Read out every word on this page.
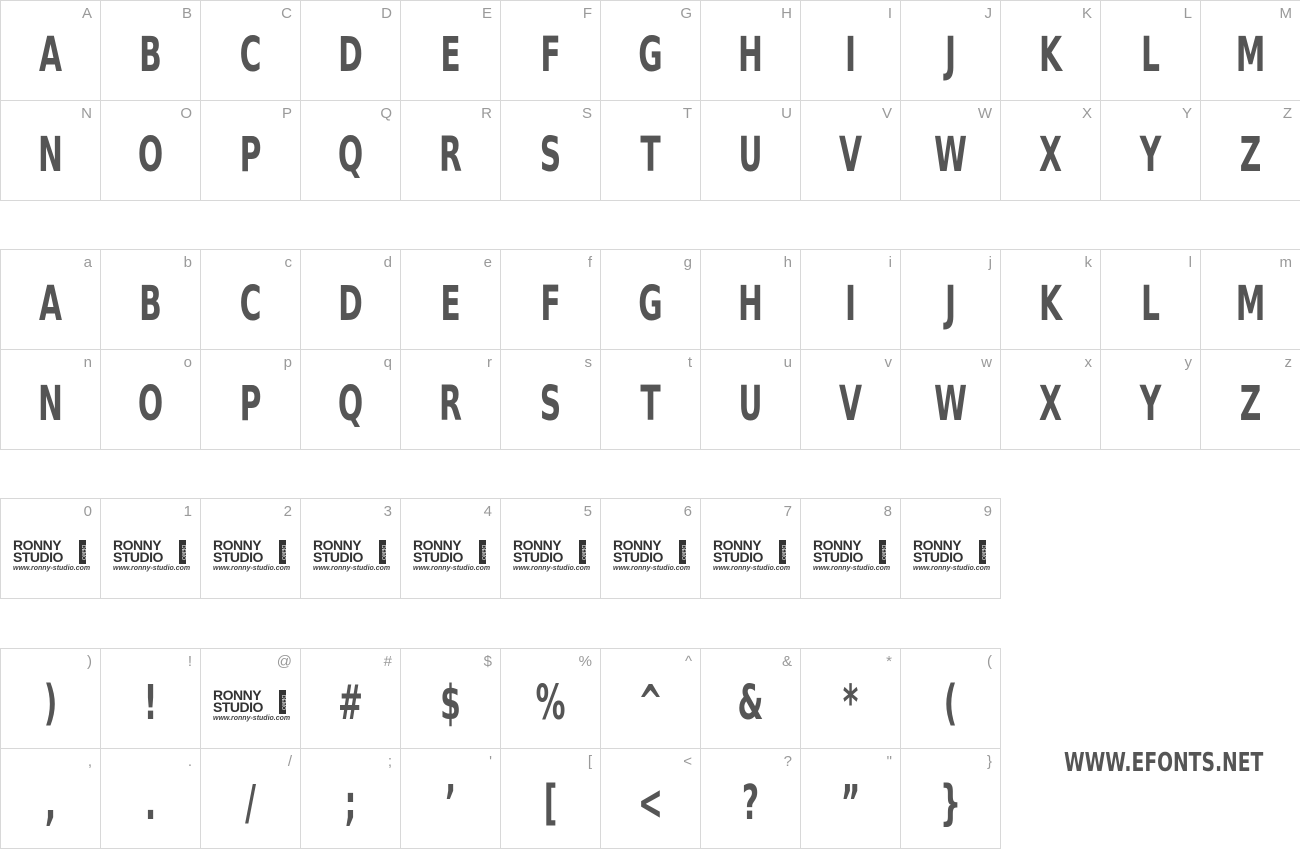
A
A
B
B
C
C
D
D
E
E
F
F
G
G
H
H
I
I
J
J
K
K
L
L
M
M
N
N
O
O
P
P
Q
Q
R
R
S
S
T
T
U
U
V
V
W
W
X
X
Y
Y
Z
Z
a
A
b
B
c
C
d
D
e
E
f
F
g
G
h
H
i
I
j
J
k
K
l
L
m
M
n
N
o
O
p
P
q
Q
r
R
s
S
t
T
u
U
v
V
w
W
x
X
y
Y
z
Z
0
RONNY
STUDIO	DEMO
www.ronny-studio.com
1
RONNY
STUDIO	DEMO
www.ronny-studio.com
2
RONNY
STUDIO	DEMO
www.ronny-studio.com
3
RONNY
STUDIO	DEMO
www.ronny-studio.com
4
RONNY
STUDIO	DEMO
www.ronny-studio.com
5
RONNY
STUDIO	DEMO
www.ronny-studio.com
6
RONNY
STUDIO	DEMO
www.ronny-studio.com
7
RONNY
STUDIO	DEMO
www.ronny-studio.com
8
RONNY
STUDIO	DEMO
www.ronny-studio.com
9
RONNY
STUDIO	DEMO
www.ronny-studio.com
)
)
!
!
@
RONNY
STUDIO	DEMO
www.ronny-studio.com
#
#
$
$
%
%
^
^
&
&
*
*
(
(
,
,
.
.
/
/
;
;
'
’
[
[
<
<
?
?
"
”
}
}
WWW.EFONTS.NET
